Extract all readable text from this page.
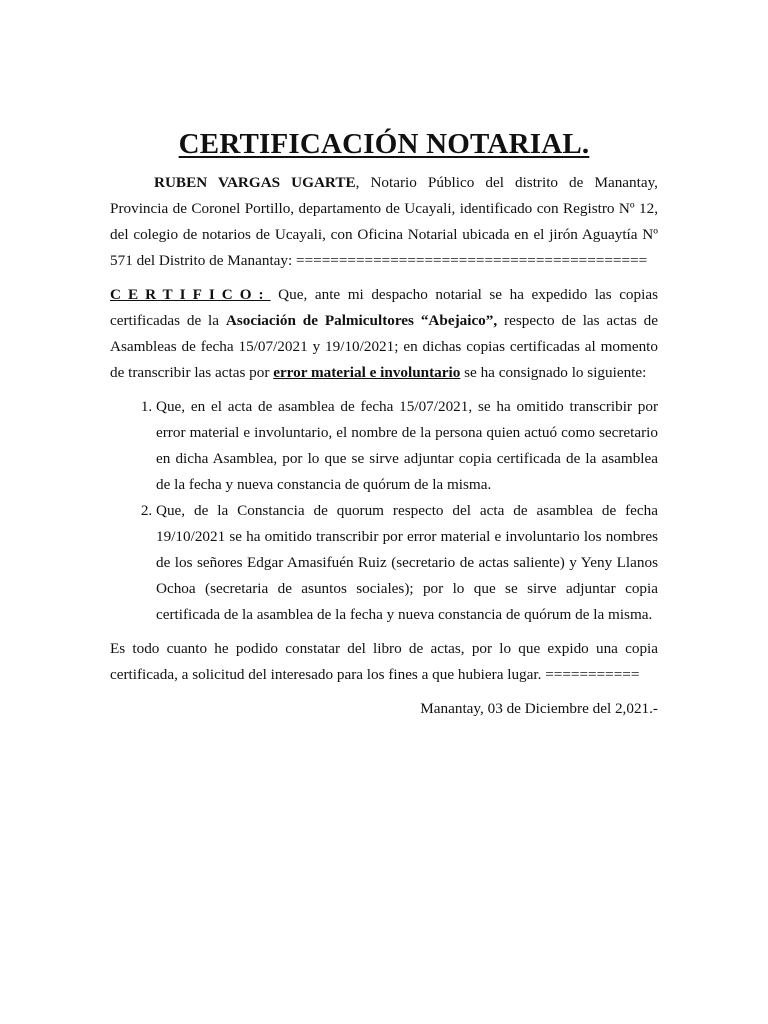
CERTIFICACIÓN NOTARIAL.

RUBEN VARGAS UGARTE, Notario Público del distrito de Manantay, Provincia de Coronel Portillo, departamento de Ucayali, identificado con Registro Nº 12, del colegio de notarios de Ucayali, con Oficina Notarial ubicada en el jirón Aguaytía Nº 571 del Distrito de Manantay: =========================================

CERTIFICO: Que, ante mi despacho notarial se ha expedido las copias certificadas de la Asociación de Palmicultores “Abejaico”, respecto de las actas de Asambleas de fecha 15/07/2021 y 19/10/2021; en dichas copias certificadas al momento de transcribir las actas por error material e involuntario se ha consignado lo siguiente:

1. Que, en el acta de asamblea de fecha 15/07/2021, se ha omitido transcribir por error material e involuntario, el nombre de la persona quien actuó como secretario en dicha Asamblea, por lo que se sirve adjuntar copia certificada de la asamblea de la fecha y nueva constancia de quórum de la misma.
2. Que, de la Constancia de quorum respecto del acta de asamblea de fecha 19/10/2021 se ha omitido transcribir por error material e involuntario los nombres de los señores Edgar Amasifuén Ruiz (secretario de actas saliente) y Yeny Llanos Ochoa (secretaria de asuntos sociales); por lo que se sirve adjuntar copia certificada de la asamblea de la fecha y nueva constancia de quórum de la misma.

Es todo cuanto he podido constatar del libro de actas, por lo que expido una copia certificada, a solicitud del interesado para los fines a que hubiera lugar. ===========

Manantay, 03 de Diciembre del 2,021.-
